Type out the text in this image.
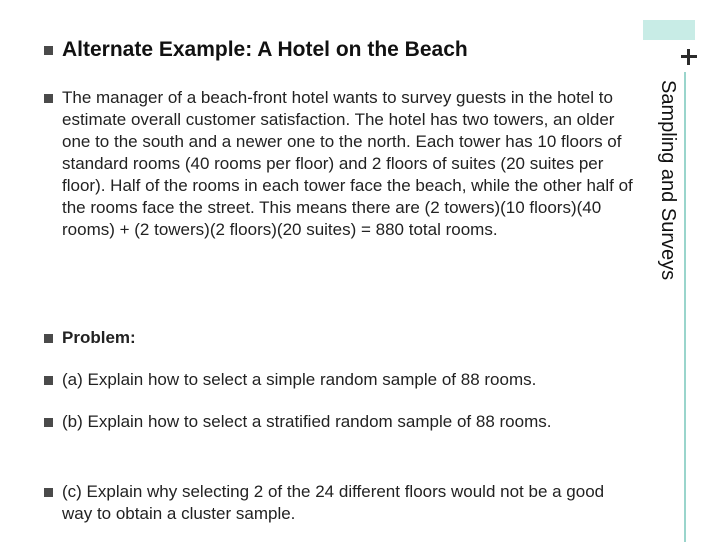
Sampling and Surveys
Alternate Example: A Hotel on the Beach
The manager of a beach-front hotel wants to survey guests in the hotel to estimate overall customer satisfaction. The hotel has two towers, an older one to the south and a newer one to the north. Each tower has 10 floors of standard rooms (40 rooms per floor) and 2 floors of suites (20 suites per floor). Half of the rooms in each tower face the beach, while the other half of the rooms face the street. This means there are (2 towers)(10 floors)(40 rooms) + (2 towers)(2 floors)(20 suites) = 880 total rooms.
Problem:
(a) Explain how to select a simple random sample of 88 rooms.
(b) Explain how to select a stratified random sample of 88 rooms.
(c) Explain why selecting 2 of the 24 different floors would not be a good way to obtain a cluster sample.
